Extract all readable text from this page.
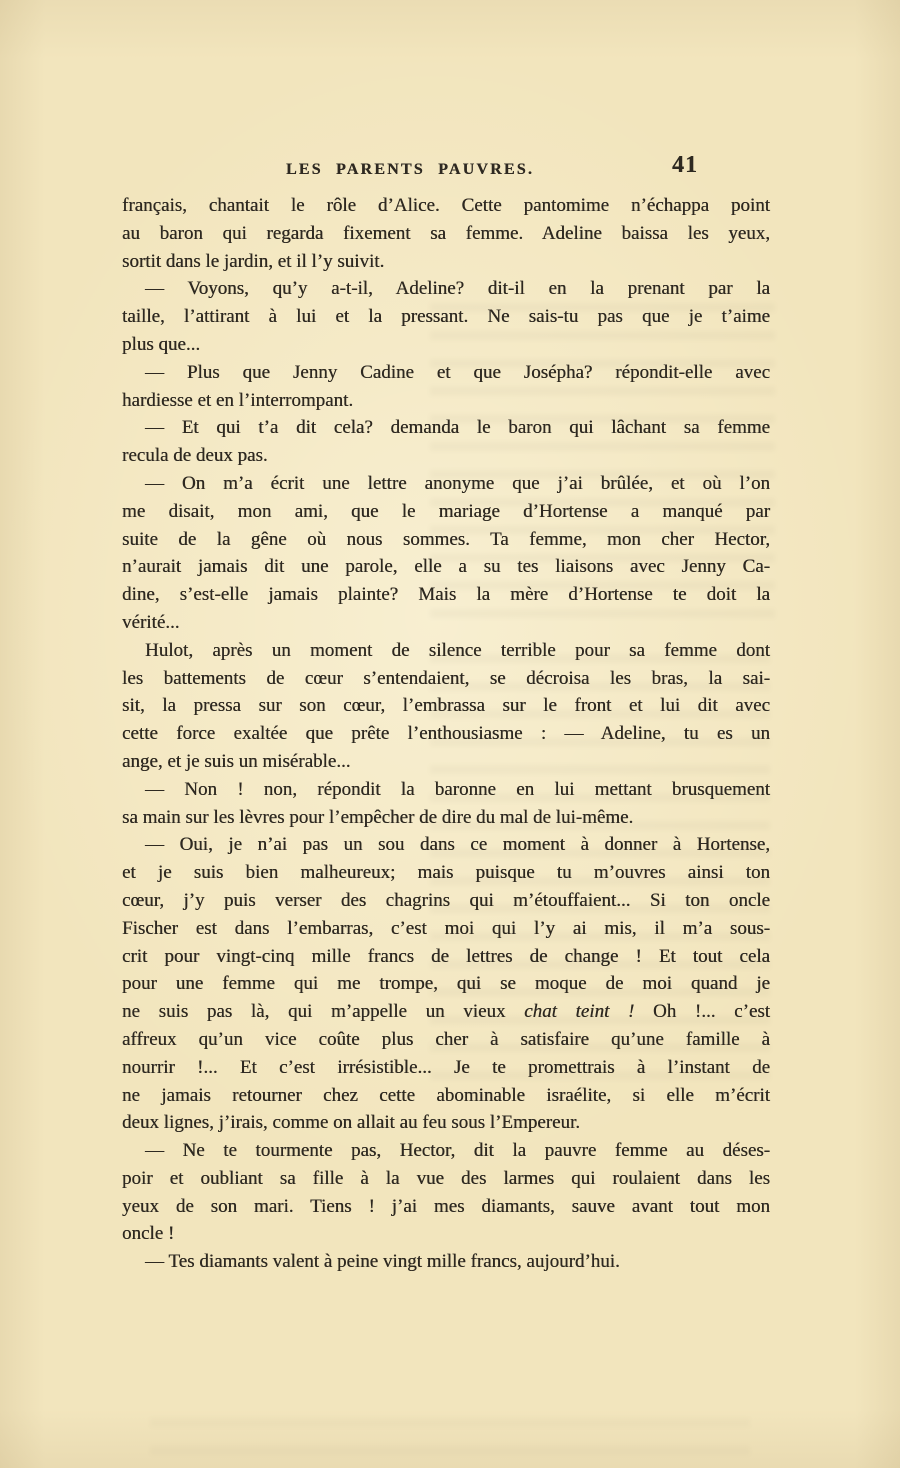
LES PARENTS PAUVRES.	41
français, chantait le rôle d’Alice. Cette pantomime n’échappa point
au baron qui regarda fixement sa femme. Adeline baissa les yeux,
sortit dans le jardin, et il l’y suivit.
— Voyons, qu’y a-t-il, Adeline? dit-il en la prenant par la
taille, l’attirant à lui et la pressant. Ne sais-tu pas que je t’aime
plus que...
— Plus que Jenny Cadine et que Josépha? répondit-elle avec
hardiesse et en l’interrompant.
— Et qui t’a dit cela? demanda le baron qui lâchant sa femme
recula de deux pas.
— On m’a écrit une lettre anonyme que j’ai brûlée, et où l’on
me disait, mon ami, que le mariage d’Hortense a manqué par
suite de la gêne où nous sommes. Ta femme, mon cher Hector,
n’aurait jamais dit une parole, elle a su tes liaisons avec Jenny Ca-
dine, s’est-elle jamais plainte? Mais la mère d’Hortense te doit la
vérité...
Hulot, après un moment de silence terrible pour sa femme dont
les battements de cœur s’entendaient, se décroisa les bras, la sai-
sit, la pressa sur son cœur, l’embrassa sur le front et lui dit avec
cette force exaltée que prête l’enthousiasme : — Adeline, tu es un
ange, et je suis un misérable...
— Non ! non, répondit la baronne en lui mettant brusquement
sa main sur les lèvres pour l’empêcher de dire du mal de lui-même.
— Oui, je n’ai pas un sou dans ce moment à donner à Hortense,
et je suis bien malheureux; mais puisque tu m’ouvres ainsi ton
cœur, j’y puis verser des chagrins qui m’étouffaient... Si ton oncle
Fischer est dans l’embarras, c’est moi qui l’y ai mis, il m’a sous-
crit pour vingt-cinq mille francs de lettres de change ! Et tout cela
pour une femme qui me trompe, qui se moque de moi quand je
ne suis pas là, qui m’appelle un vieux chat teint ! Oh !... c’est
affreux qu’un vice coûte plus cher à satisfaire qu’une famille à
nourrir !... Et c’est irrésistible... Je te promettrais à l’instant de
ne jamais retourner chez cette abominable israélite, si elle m’écrit
deux lignes, j’irais, comme on allait au feu sous l’Empereur.
— Ne te tourmente pas, Hector, dit la pauvre femme au déses-
poir et oubliant sa fille à la vue des larmes qui roulaient dans les
yeux de son mari. Tiens ! j’ai mes diamants, sauve avant tout mon
oncle !
— Tes diamants valent à peine vingt mille francs, aujourd’hui.
